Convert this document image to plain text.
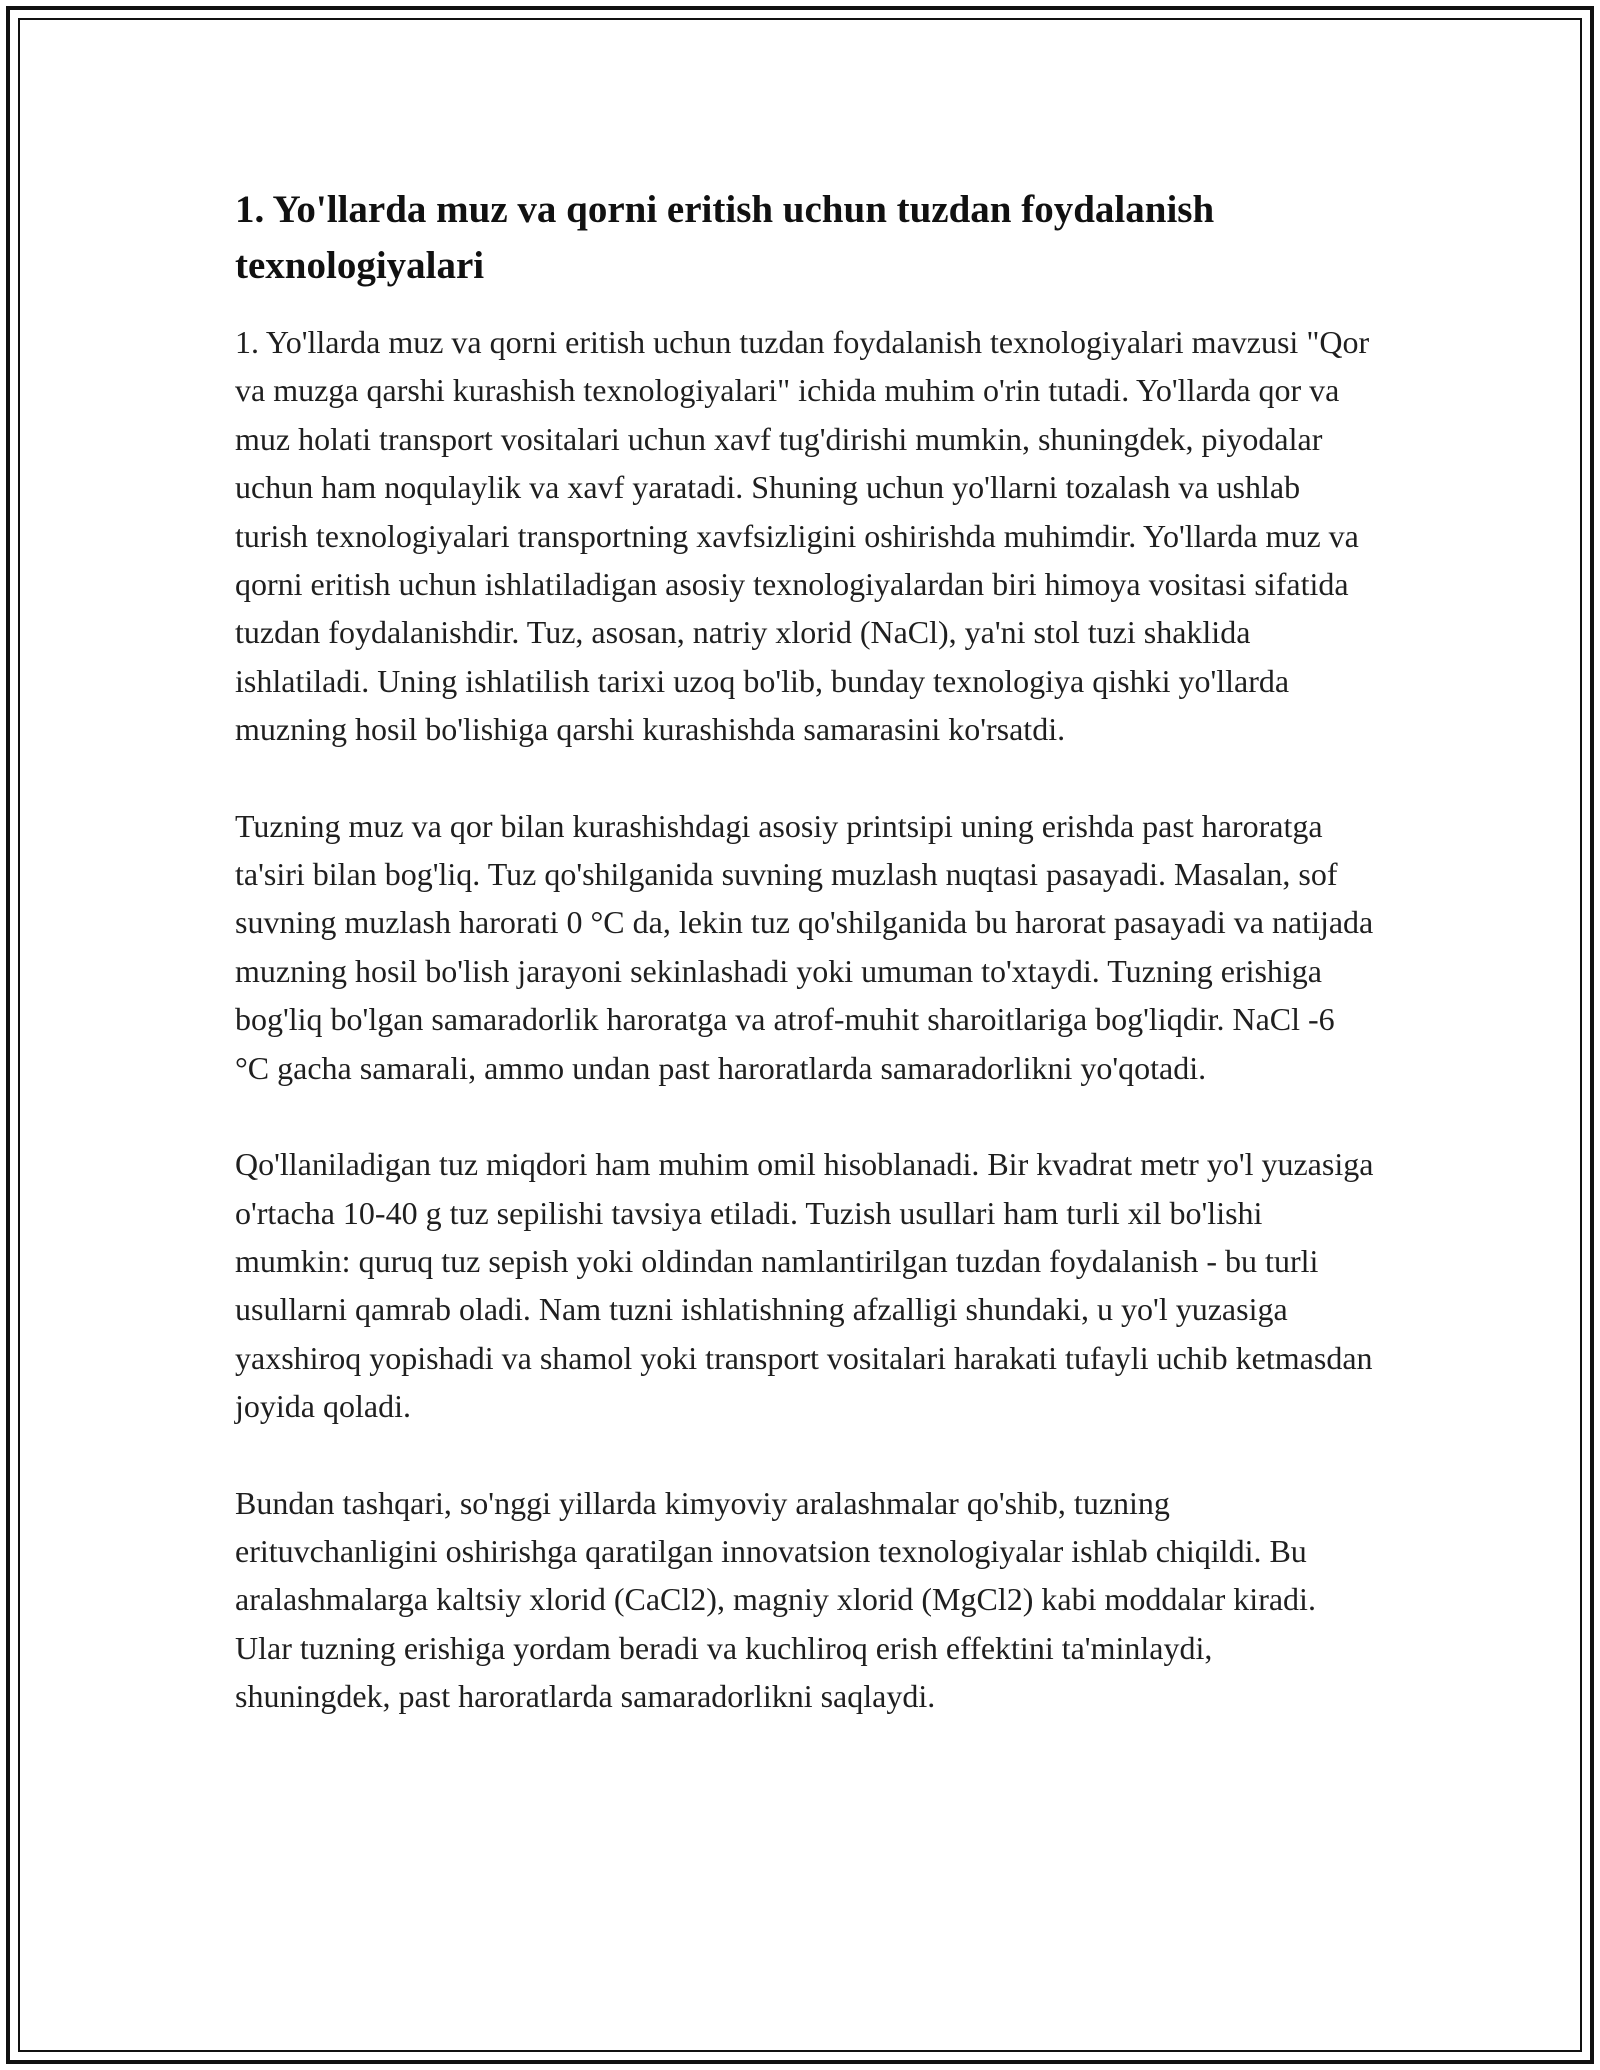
1. Yo'llarda muz va qorni eritish uchun tuzdan foydalanish texnologiyalari

1. Yo'llarda muz va qorni eritish uchun tuzdan foydalanish texnologiyalari mavzusi "Qor va muzga qarshi kurashish texnologiyalari" ichida muhim o'rin tutadi. Yo'llarda qor va muz holati transport vositalari uchun xavf tug'dirishi mumkin, shuningdek, piyodalar uchun ham noqulaylik va xavf yaratadi. Shuning uchun yo'llarni tozalash va ushlab turish texnologiyalari transportning xavfsizligini oshirishda muhimdir. Yo'llarda muz va qorni eritish uchun ishlatiladigan asosiy texnologiyalardan biri himoya vositasi sifatida tuzdan foydalanishdir. Tuz, asosan, natriy xlorid (NaCl), ya'ni stol tuzi shaklida ishlatiladi. Uning ishlatilish tarixi uzoq bo'lib, bunday texnologiya qishki yo'llarda muzning hosil bo'lishiga qarshi kurashishda samarasini ko'rsatdi.

Tuzning muz va qor bilan kurashishdagi asosiy printsipi uning erishda past haroratga ta'siri bilan bog'liq. Tuz qo'shilganida suvning muzlash nuqtasi pasayadi. Masalan, sof suvning muzlash harorati 0 °C da, lekin tuz qo'shilganida bu harorat pasayadi va natijada muzning hosil bo'lish jarayoni sekinlashadi yoki umuman to'xtaydi. Tuzning erishiga bog'liq bo'lgan samaradorlik haroratga va atrof-muhit sharoitlariga bog'liqdir. NaCl -6 °C gacha samarali, ammo undan past haroratlarda samaradorlikni yo'qotadi.

Qo'llaniladigan tuz miqdori ham muhim omil hisoblanadi. Bir kvadrat metr yo'l yuzasiga o'rtacha 10-40 g tuz sepilishi tavsiya etiladi. Tuzish usullari ham turli xil bo'lishi mumkin: quruq tuz sepish yoki oldindan namlantirilgan tuzdan foydalanish - bu turli usullarni qamrab oladi. Nam tuzni ishlatishning afzalligi shundaki, u yo'l yuzasiga yaxshiroq yopishadi va shamol yoki transport vositalari harakati tufayli uchib ketmasdan joyida qoladi.

Bundan tashqari, so'nggi yillarda kimyoviy aralashmalar qo'shib, tuzning erituvchanligini oshirishga qaratilgan innovatsion texnologiyalar ishlab chiqildi. Bu aralashmalarga kaltsiy xlorid (CaCl2), magniy xlorid (MgCl2) kabi moddalar kiradi. Ular tuzning erishiga yordam beradi va kuchliroq erish effektini ta'minlaydi, shuningdek, past haroratlarda samaradorlikni saqlaydi.
